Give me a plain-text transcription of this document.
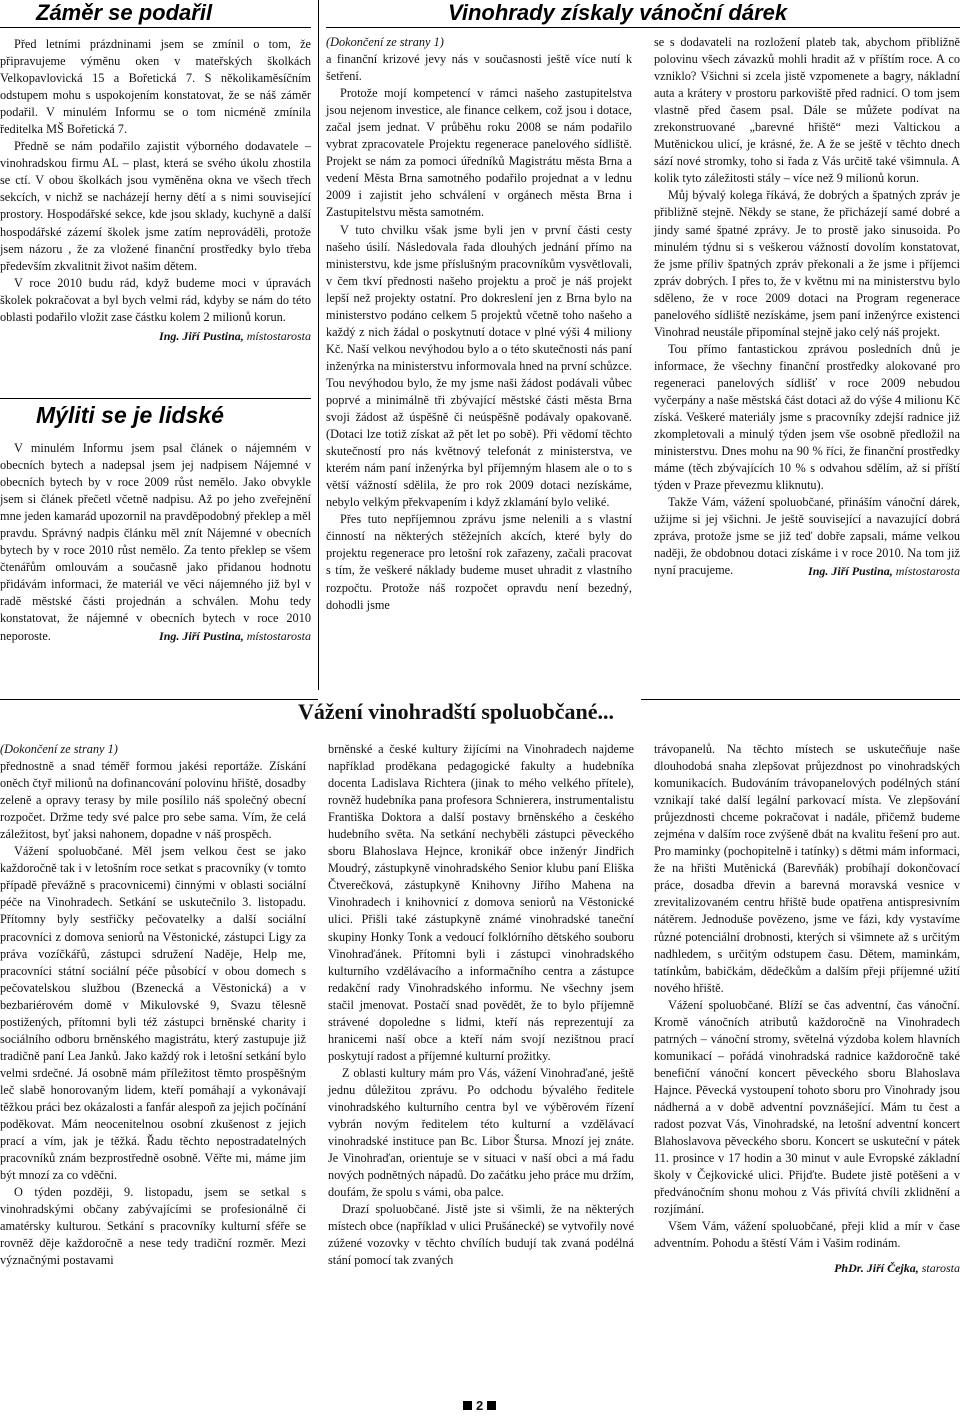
Záměr se podařil

Před letními prázdninami jsem se zmínil o tom, že připravujeme výměnu oken v mateřských školkách Velkopavlovická 15 a Bořetická 7. S několikaměsíčním odstupem mohu s uspokojením konstatovat, že se náš záměr podařil. V minulém Informu se o tom nicméně zmínila ředitelka MŠ Bořetická 7.

Předně se nám podařilo zajistit výborného dodavatele – vinohradskou firmu AL – plast, která se svého úkolu zhostila se ctí. V obou školkách jsou vyměněna okna ve všech třech sekcích, v nichž se nacházejí herny dětí a s nimi související prostory. Hospodářské sekce, kde jsou sklady, kuchyně a další hospodářské zázemí školek jsme zatím neprováděli, protože jsem názoru , že za vložené finanční prostředky bylo třeba především zkvalitnit život našim dětem.

V roce 2010 budu rád, když budeme moci v úpravách školek pokračovat a byl bych velmi rád, kdyby se nám do této oblasti podařilo vložit zase částku kolem 2 milionů korun.

Ing. Jiří Pustina, místostarosta
Mýliti se je lidské

V minulém Informu jsem psal článek o nájemném v obecních bytech a nadepsal jsem jej nadpisem Nájemné v obecních bytech by v roce 2009 růst nemělo. Jako obvykle jsem si článek přečetl včetně nadpisu. Až po jeho zveřejnění mne jeden kamarád upozornil na pravděpodobný překlep a měl pravdu. Správný nadpis článku měl znít Nájemné v obecních bytech by v roce 2010 růst nemělo. Za tento překlep se všem čtenářům omlouvám a současně jako přidanou hodnotu přidávám informaci, že materiál ve věci nájemného již byl v radě městské části projednán a schválen. Mohu tedy konstatovat, že nájemné v obecních bytech v roce 2010 neporoste.	Ing. Jiří Pustina, místostarosta
Vinohrady získaly vánoční dárek

(Dokončení ze strany 1)

a finanční krizové jevy nás v současnosti ještě více nutí k šetření.

Protože mojí kompetencí v rámci našeho zastupitelstva jsou nejenom investice, ale finance celkem, což jsou i dotace, začal jsem jednat. V průběhu roku 2008 se nám podařilo vybrat zpracovatele Projektu regenerace panelového sídliště. Projekt se nám za pomoci úředníků Magistrátu města Brna a vedení Města Brna samotného podařilo projednat a v lednu 2009 i zajistit jeho schválení v orgánech města Brna i Zastupitelstvu města samotném.

V tuto chvilku však jsme byli jen v první části cesty našeho úsilí. Následovala řada dlouhých jednání přímo na ministerstvu, kde jsme příslušným pracovníkům vysvětlovali, v čem tkví přednosti našeho projektu a proč je náš projekt lepší než projekty ostatní. Pro dokreslení jen z Brna bylo na ministerstvo podáno celkem 5 projektů včetně toho našeho a každý z nich žádal o poskytnutí dotace v plné výši 4 miliony Kč. Naší velkou nevýhodou bylo a o této skutečnosti nás paní inženýrka na ministerstvu informovala hned na první schůzce. Tou nevýhodou bylo, že my jsme naši žádost podávali vůbec poprvé a minimálně tři zbývající městské části města Brna svoji žádost až úspěšně či neúspěšně podávaly opakovaně. (Dotaci lze totiž získat až pět let po sobě). Při vědomí těchto skutečností pro nás květnový telefonát z ministerstva, ve kterém nám paní inženýrka byl příjemným hlasem ale o to s větší vážností sdělila, že pro rok 2009 dotaci nezískáme, nebylo velkým překvapením i když zklamání bylo veliké.

Přes tuto nepříjemnou zprávu jsme nelenili a s vlastní činností na některých stěžejních akcích, které byly do projektu regenerace pro letošní rok zařazeny, začali pracovat s tím, že veškeré náklady budeme muset uhradit z vlastního rozpočtu. Protože náš rozpočet opravdu není bezedný, dohodli jsme

se s dodavateli na rozložení plateb tak, abychom přibližně polovinu všech závazků mohli hradit až v příštím roce. A co vzniklo? Všichni si zcela jistě vzpomenete a bagry, nákladní auta a krátery v prostoru parkoviště před radnicí. O tom jsem vlastně před časem psal. Dále se můžete podívat na zrekonstruované „barevné hřiště“ mezi Valtickou a Mutěnickou ulicí, je krásné, že. A že se ještě v těchto dnech sází nové stromky, toho si řada z Vás určitě také všimnula. A kolik tyto záležitosti stály – více než 9 milionů korun.

Můj bývalý kolega říkává, že dobrých a špatných zpráv je přibližně stejně. Někdy se stane, že přicházejí samé dobré a jindy samé špatné zprávy. Je to prostě jako sinusoida. Po minulém týdnu si s veškerou vážností dovolím konstatovat, že jsme příliv špatných zpráv překonali a že jsme i příjemci zpráv dobrých. I přes to, že v květnu mi na ministerstvu bylo sděleno, že v roce 2009 dotaci na Program regenerace panelového sídliště nezískáme, jsem paní inženýrce existenci Vinohrad neustále připomínal stejně jako celý náš projekt.

Tou přímo fantastickou zprávou posledních dnů je informace, že všechny finanční prostředky alokované pro regeneraci panelových sídlišť v roce 2009 nebudou vyčerpány a naše městská část dotaci až do výše 4 milionu Kč získá. Veškeré materiály jsme s pracovníky zdejší radnice již zkompletovali a minulý týden jsem vše osobně předložil na ministerstvu. Dnes mohu na 90 % říci, že finanční prostředky máme (těch zbývajících 10 % s odvahou sdělím, až si příští týden v Praze převezmu kliknutu).

Takže Vám, vážení spoluobčané, přináším vánoční dárek, užijme si jej všichni. Je ještě související a navazující dobrá zpráva, protože jsme se již teď dobře zapsali, máme velkou naději, že obdobnou dotaci získáme i v roce 2010. Na tom již nyní pracujeme.	Ing. Jiří Pustina, místostarosta
Vážení vinohradští spoluobčané...

(Dokončení ze strany 1)

přednostně a snad téměř formou jakési reportáže. Získání oněch čtyř milionů na dofinancování polovinu hřiště, dosadby zeleně a opravy terasy by mile posílilo náš společný obecní rozpočet. Držme tedy své palce pro sebe sama. Vím, že celá záležitost, byť jaksi nahonem, dopadne v náš prospěch.

Vážení spoluobčané. Měl jsem velkou čest se jako každoročně tak i v letošním roce setkat s pracovníky (v tomto případě převážně s pracovnicemi) činnými v oblasti sociální péče na Vinohradech. Setkání se uskutečnilo 3. listopadu. Přítomny byly sestřičky pečovatelky a další sociální pracovníci z domova seniorů na Věstonické, zástupci Ligy za práva vozíčkářů, zástupci sdružení Naděje, Help me, pracovníci státní sociální péče působící v obou domech s pečovatelskou službou (Bzenecká a Věstonická) a v bezbariérovém domě v Mikulovské 9, Svazu tělesně postižených, přítomni byli též zástupci brněnské charity i sociálního odboru brněnského magistrátu, který zastupuje již tradičně paní Lea Janků. Jako každý rok i letošní setkání bylo velmi srdečné. Já osobně mám příležitost těmto prospěšným leč slabě honorovaným lidem, kteří pomáhají a vykonávají těžkou práci bez okázalosti a fanfár alespoň za jejich počínání poděkovat. Mám neocenitelnou osobní zkušenost z jejich prací a vím, jak je těžká. Řadu těchto nepostradatelných pracovníků znám bezprostředně osobně. Věřte mi, máme jim být mnozí za co vděčni.

O týden později, 9. listopadu, jsem se setkal s vinohradskými občany zabývajícími se profesionálně či amatérsky kulturou. Setkání s pracovníky kulturní sféře se rovněž děje každoročně a nese tedy tradiční rozměr. Mezi význačnými postavami

brněnské a české kultury žijícími na Vinohradech najdeme například proděkana pedagogické fakulty a hudebníka docenta Ladislava Richtera (jinak to mého velkého přítele), rovněž hudebníka pana profesora Schnierera, instrumentalistu Františka Doktora a další postavy brněnského a českého hudebního světa. Na setkání nechyběli zástupci pěveckého sboru Blahoslava Hejnce, kronikář obce inženýr Jindřich Moudrý, zástupkyně vinohradského Senior klubu paní Eliška Čtverečková, zástupkyně Knihovny Jiřího Mahena na Vinohradech i knihovnicí z domova seniorů na Věstonické ulici. Přišli také zástupkyně známé vinohradské taneční skupiny Honky Tonk a vedoucí folklórního dětského souboru Vinohraďánek. Přítomni byli i zástupci vinohradského kulturního vzdělávacího a informačního centra a zástupce redakční rady Vinohradského informu. Ne všechny jsem stačil jmenovat. Postačí snad povědět, že to bylo příjemně strávené dopoledne s lidmi, kteří nás reprezentují za hranicemi naší obce a kteří nám svojí nezištnou prací poskytují radost a příjemné kulturní prožitky.

Z oblasti kultury mám pro Vás, vážení Vinohraďané, ještě jednu důležitou zprávu. Po odchodu bývalého ředitele vinohradského kulturního centra byl ve výběrovém řízení vybrán novým ředitelem této kulturní a vzdělávací vinohradské instituce pan Bc. Libor Štursa. Mnozí jej znáte. Je Vinohraďan, orientuje se v situaci v naší obci a má řadu nových podnětných nápadů. Do začátku jeho práce mu držím, doufám, že spolu s vámi, oba palce.

Drazí spoluobčané. Jistě jste si všimli, že na některých místech obce (například v ulici Prušánecké) se vytvořily nové zúžené vozovky v těchto chvílích budují tak zvaná podélná stání pomocí tak zvaných

trávopanelů. Na těchto místech se uskutečňuje naše dlouhodobá snaha zlepšovat průjezdnost po vinohradských komunikacích. Budováním trávopanelových podélných stání vznikají také další legální parkovací místa. Ve zlepšování průjezdnosti chceme pokračovat i nadále, přičemž budeme zejména v dalším roce zvýšeně dbát na kvalitu řešení pro aut. Pro maminky (pochopitelně i tatínky) s dětmi mám informaci, že na hřišti Mutěnická (Barevňák) probíhají dokončovací práce, dosadba dřevin a barevná moravská vesnice v zrevitalizovaném centru hřiště bude opatřena antispresivním nátěrem. Jednoduše povězeno, jsme ve fázi, kdy vystavíme různé potenciální drobnosti, kterých si všimnete až s určitým nadhledem, s určitým odstupem času. Dětem, maminkám, tatínkům, babičkám, dědečkům a dalším přeji příjemné užití nového hřiště.

Vážení spoluobčané. Blíží se čas adventní, čas vánoční. Kromě vánočních atributů každoročně na Vinohradech patrných – vánoční stromy, světelná výzdoba kolem hlavních komunikací – pořádá vinohradská radnice každoročně také benefiční vánoční koncert pěveckého sboru Blahoslava Hajnce. Pěvecká vystoupení tohoto sboru pro Vinohrady jsou nádherná a v době adventní povznášející. Mám tu čest a radost pozvat Vás, Vinohradské, na letošní adventní koncert Blahoslavova pěveckého sboru. Koncert se uskuteční v pátek 11. prosince v 17 hodin a 30 minut v aule Evropské základní školy v Čejkovické ulici. Přijďte. Budete jistě potěšeni a v předvánočním shonu mohou z Vás přivítá chvíli zklidnění a rozjímání.

Všem Vám, vážení spoluobčané, přeji klid a mír v čase adventním. Pohodu a štěstí Vám i Vašim rodinám.

PhDr. Jiří Čejka, starosta
2
